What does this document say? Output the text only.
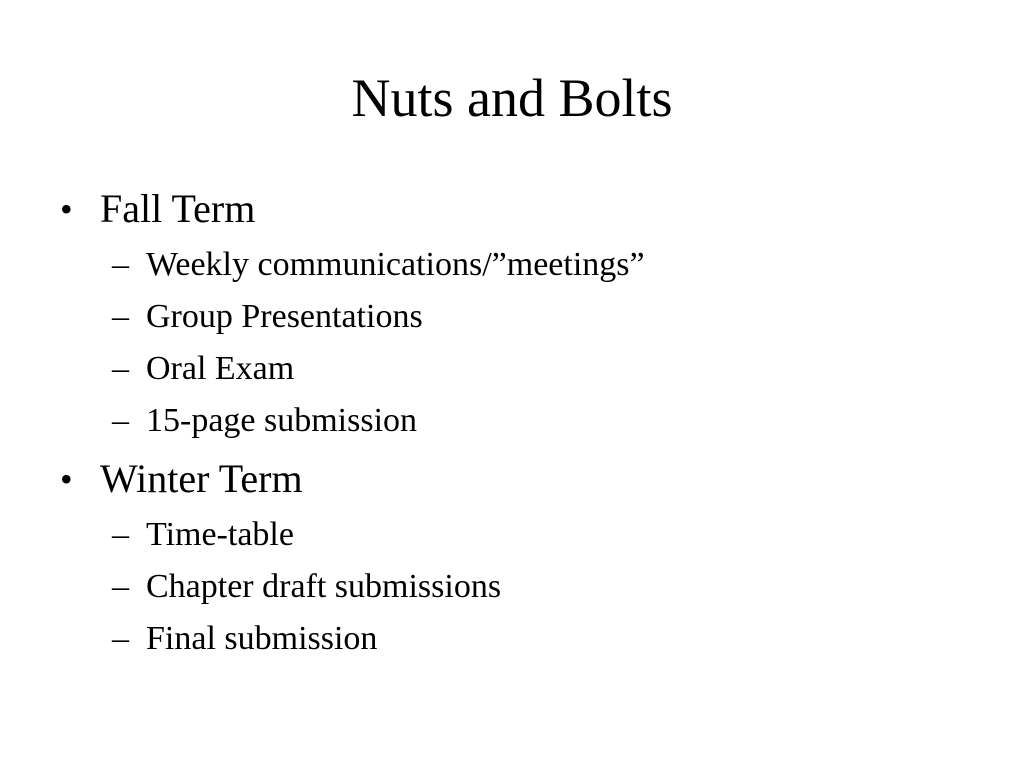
Nuts and Bolts
• Fall Term
– Weekly communications/”meetings”
– Group Presentations
– Oral Exam
– 15-page submission
• Winter Term
– Time-table
– Chapter draft submissions
– Final submission
